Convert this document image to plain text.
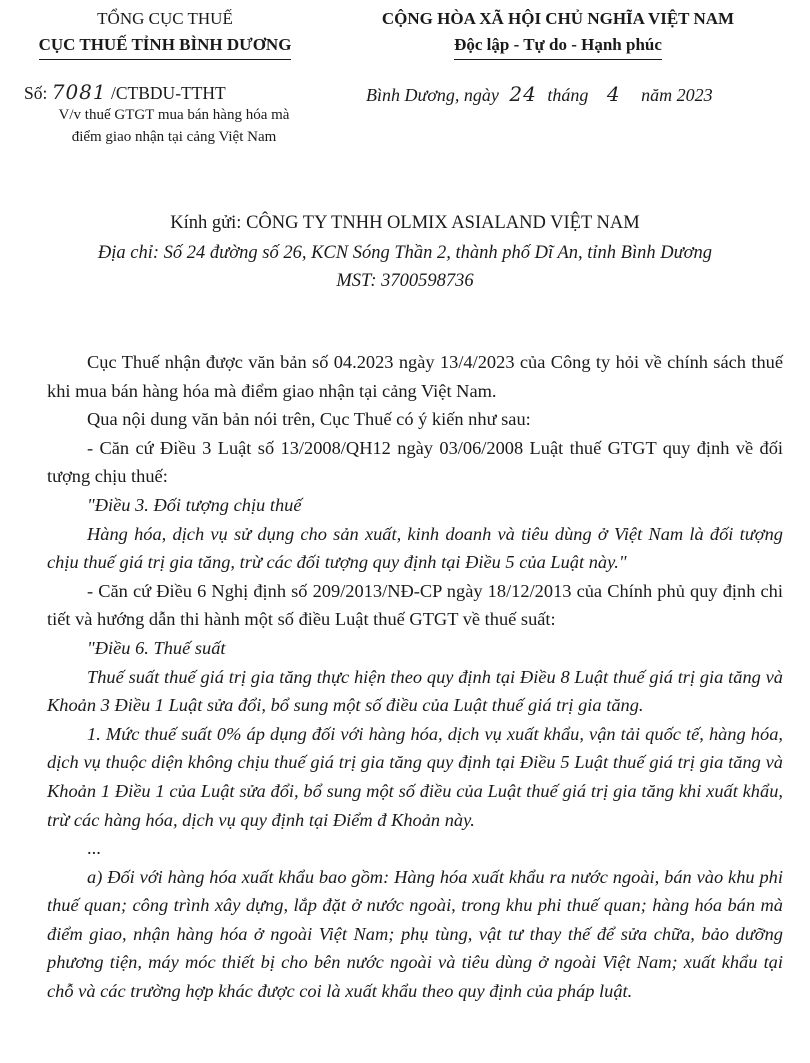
TỔNG CỤC THUẾ
CỤC THUẾ TỈNH BÌNH DƯƠNG
CỘNG HÒA XÃ HỘI CHỦ NGHĨA VIỆT NAM
Độc lập - Tự do - Hạnh phúc
Số: 7081 /CTBDU-TTHT
V/v thuế GTGT mua bán hàng hóa mà
điểm giao nhận tại cảng Việt Nam
Bình Dương, ngày 24 tháng 4 năm 2023
Kính gửi: CÔNG TY TNHH OLMIX ASIALAND VIỆT NAM
Địa chỉ: Số 24 đường số 26, KCN Sóng Thần 2, thành phố Dĩ An, tỉnh Bình Dương
MST: 3700598736

Cục Thuế nhận được văn bản số 04.2023 ngày 13/4/2023 của Công ty hỏi về chính sách thuế khi mua bán hàng hóa mà điểm giao nhận tại cảng Việt Nam.

Qua nội dung văn bản nói trên, Cục Thuế có ý kiến như sau:

- Căn cứ Điều 3 Luật số 13/2008/QH12 ngày 03/06/2008 Luật thuế GTGT quy định về đối tượng chịu thuế:

"Điều 3. Đối tượng chịu thuế

Hàng hóa, dịch vụ sử dụng cho sản xuất, kinh doanh và tiêu dùng ở Việt Nam là đối tượng chịu thuế giá trị gia tăng, trừ các đối tượng quy định tại Điều 5 của Luật này."

- Căn cứ Điều 6 Nghị định số 209/2013/NĐ-CP ngày 18/12/2013 của Chính phủ quy định chi tiết và hướng dẫn thi hành một số điều Luật thuế GTGT về thuế suất:

"Điều 6. Thuế suất

Thuế suất thuế giá trị gia tăng thực hiện theo quy định tại Điều 8 Luật thuế giá trị gia tăng và Khoản 3 Điều 1 Luật sửa đổi, bổ sung một số điều của Luật thuế giá trị gia tăng.

1. Mức thuế suất 0% áp dụng đối với hàng hóa, dịch vụ xuất khẩu, vận tải quốc tế, hàng hóa, dịch vụ thuộc diện không chịu thuế giá trị gia tăng quy định tại Điều 5 Luật thuế giá trị gia tăng và Khoản 1 Điều 1 của Luật sửa đổi, bổ sung một số điều của Luật thuế giá trị gia tăng khi xuất khẩu, trừ các hàng hóa, dịch vụ quy định tại Điểm đ Khoản này.

...

a) Đối với hàng hóa xuất khẩu bao gồm: Hàng hóa xuất khẩu ra nước ngoài, bán vào khu phi thuế quan; công trình xây dựng, lắp đặt ở nước ngoài, trong khu phi thuế quan; hàng hóa bán mà điểm giao, nhận hàng hóa ở ngoài Việt Nam; phụ tùng, vật tư thay thế để sửa chữa, bảo dưỡng phương tiện, máy móc thiết bị cho bên nước ngoài và tiêu dùng ở ngoài Việt Nam; xuất khẩu tại chỗ và các trường hợp khác được coi là xuất khẩu theo quy định của pháp luật.
